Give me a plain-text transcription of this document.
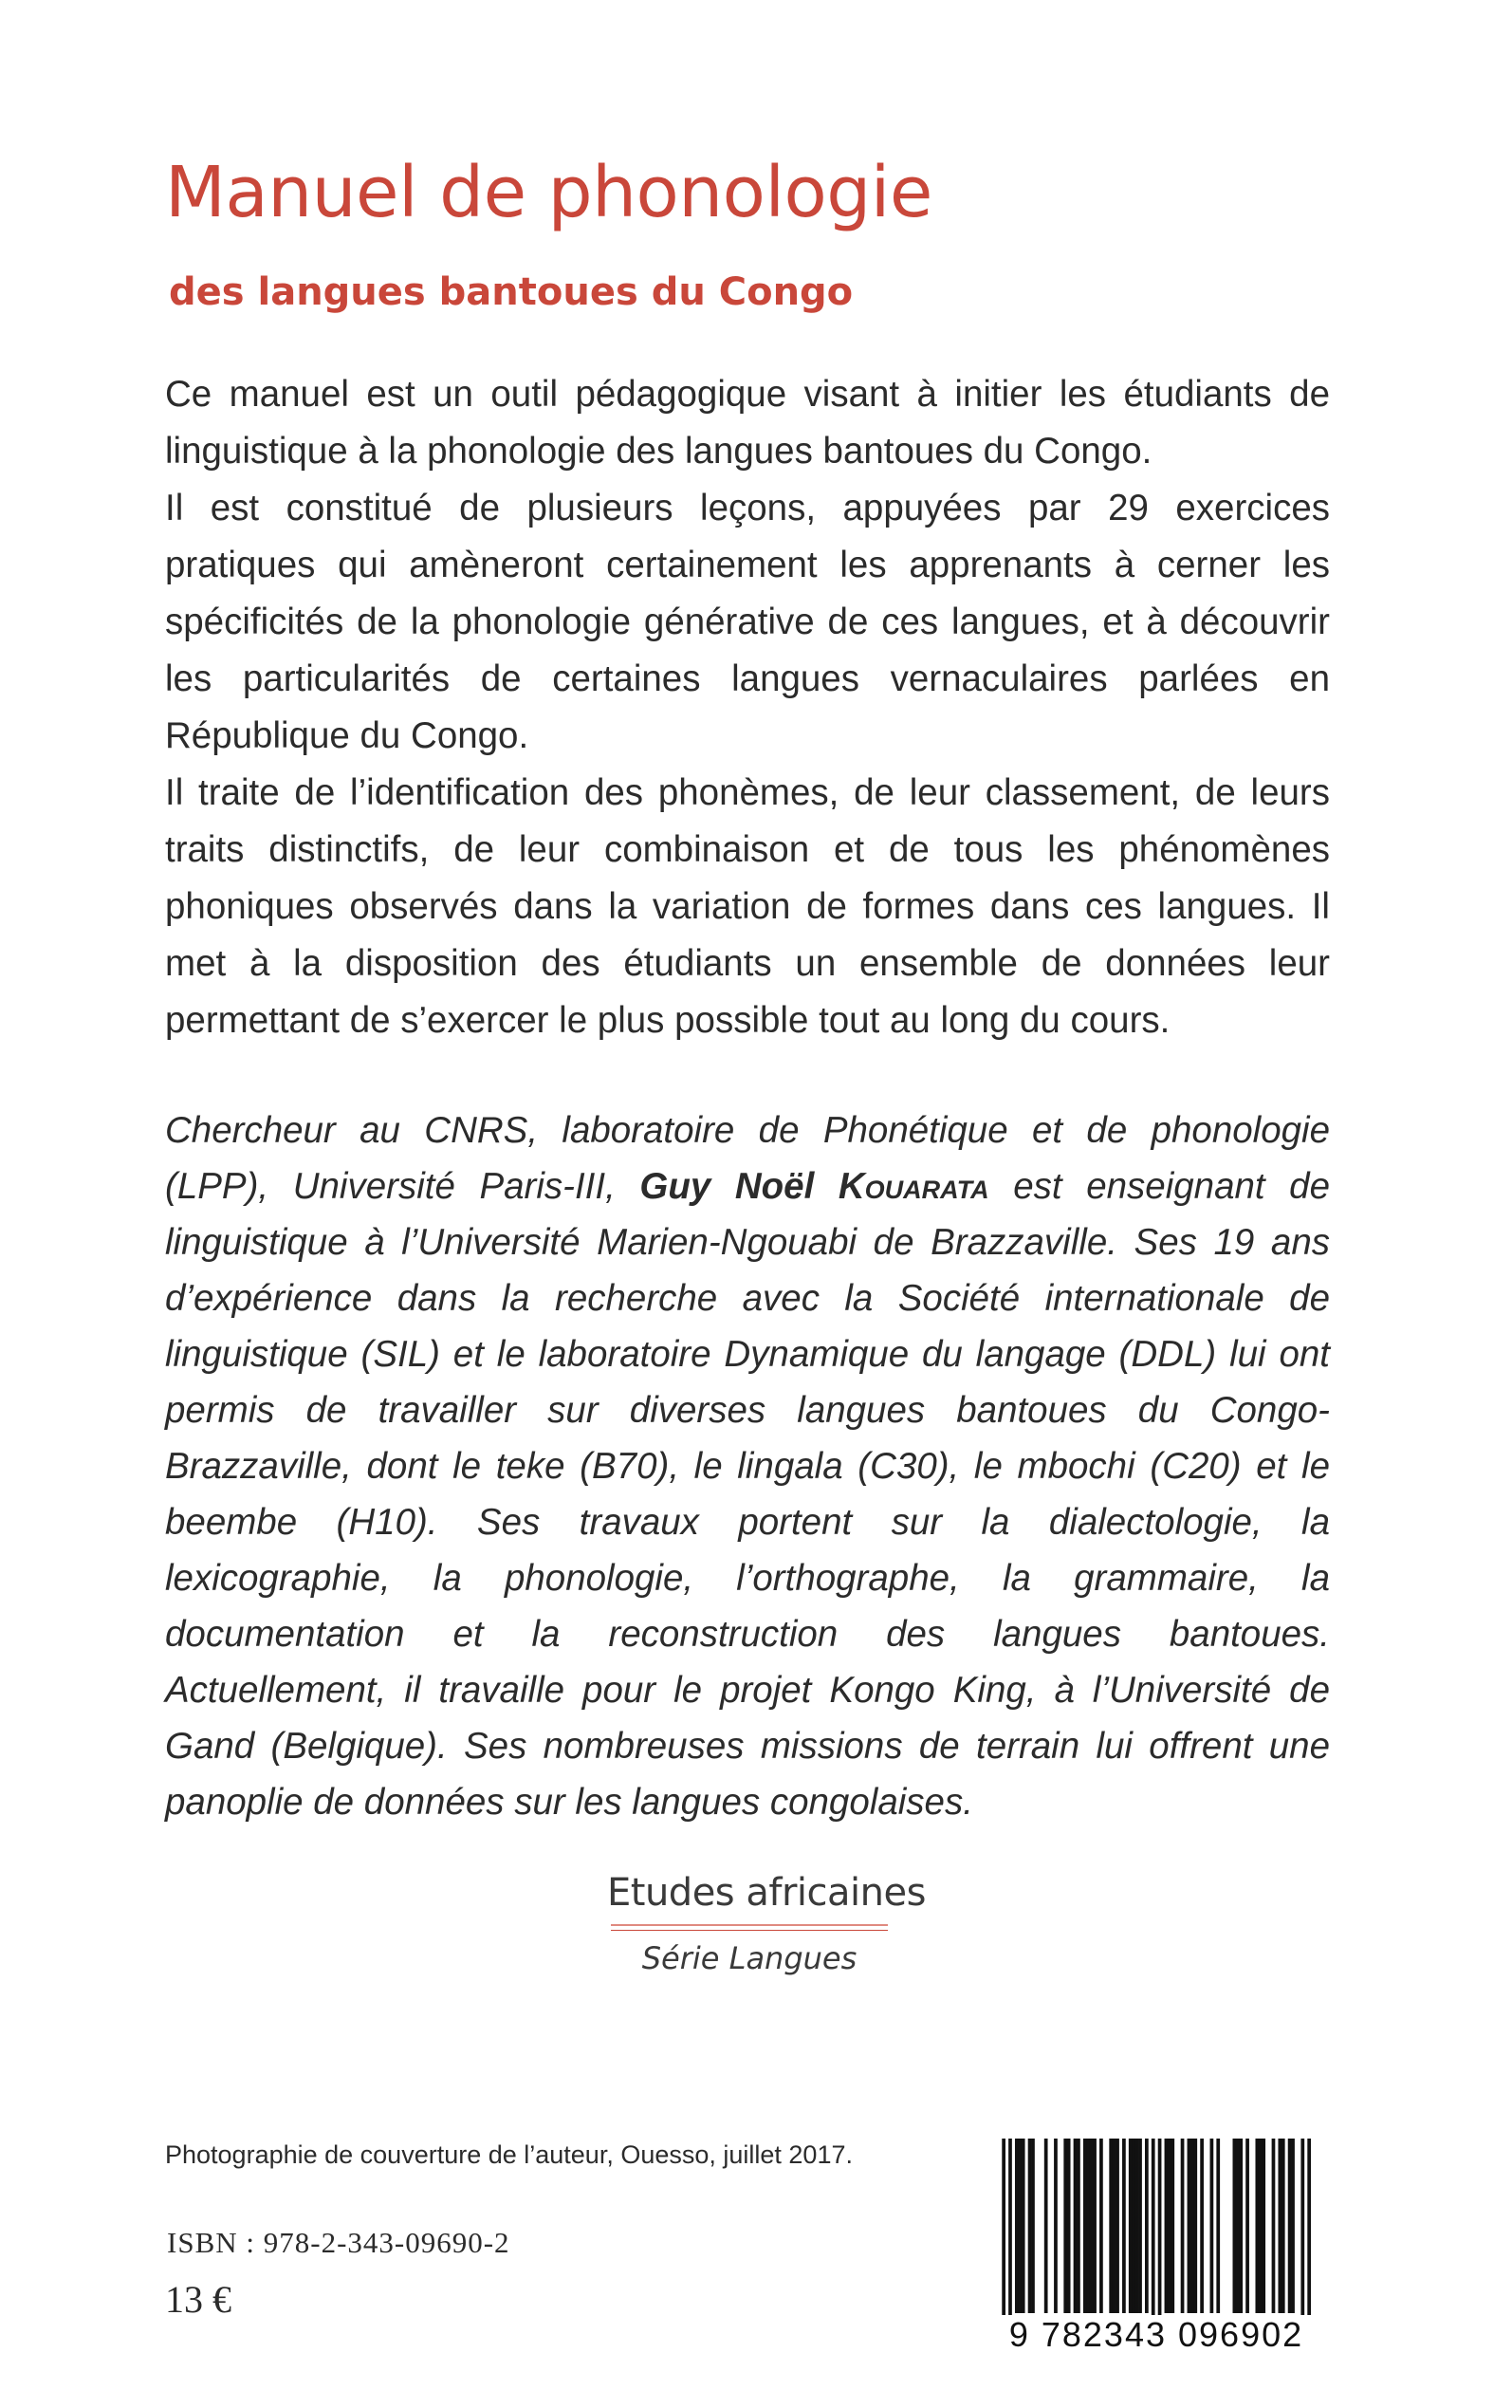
Manuel de phonologie
des langues bantoues du Congo

Ce manuel est un outil pédagogique visant à initier les étudiants de linguistique à la phonologie des langues bantoues du Congo.

Il est constitué de plusieurs leçons, appuyées par 29 exercices pratiques qui amèneront certainement les apprenants à cerner les spécificités de la phonologie générative de ces langues, et à découvrir les particularités de certaines langues vernaculaires parlées en République du Congo.

Il traite de l’identification des phonèmes, de leur classement, de leurs traits distinctifs, de leur combinaison et de tous les phénomènes phoniques observés dans la variation de formes dans ces langues. Il met à la disposition des étudiants un ensemble de données leur permettant de s’exercer le plus possible tout au long du cours.

Chercheur au CNRS, laboratoire de Phonétique et de phonologie (LPP), Université Paris-III, Guy Noël Kouarata est enseignant de linguistique à l’Université Marien-Ngouabi de Brazzaville. Ses 19 ans d’expérience dans la recherche avec la Société internationale de linguistique (SIL) et le laboratoire Dynamique du langage (DDL) lui ont permis de travailler sur diverses langues bantoues du Congo-Brazzaville, dont le teke (B70), le lingala (C30), le mbochi (C20) et le beembe (H10). Ses travaux portent sur la dialectologie, la lexicographie, la phonologie, l’orthographe, la grammaire, la documentation et la reconstruction des langues bantoues. Actuellement, il travaille pour le projet Kongo King, à l’Université de Gand (Belgique). Ses nombreuses missions de terrain lui offrent une panoplie de données sur les langues congolaises.

Etudes africaines
Série Langues
Photographie de couverture de l’auteur, Ouesso, juillet 2017.
ISBN : 978-2-343-09690-2
13 €
9 782343 096902
